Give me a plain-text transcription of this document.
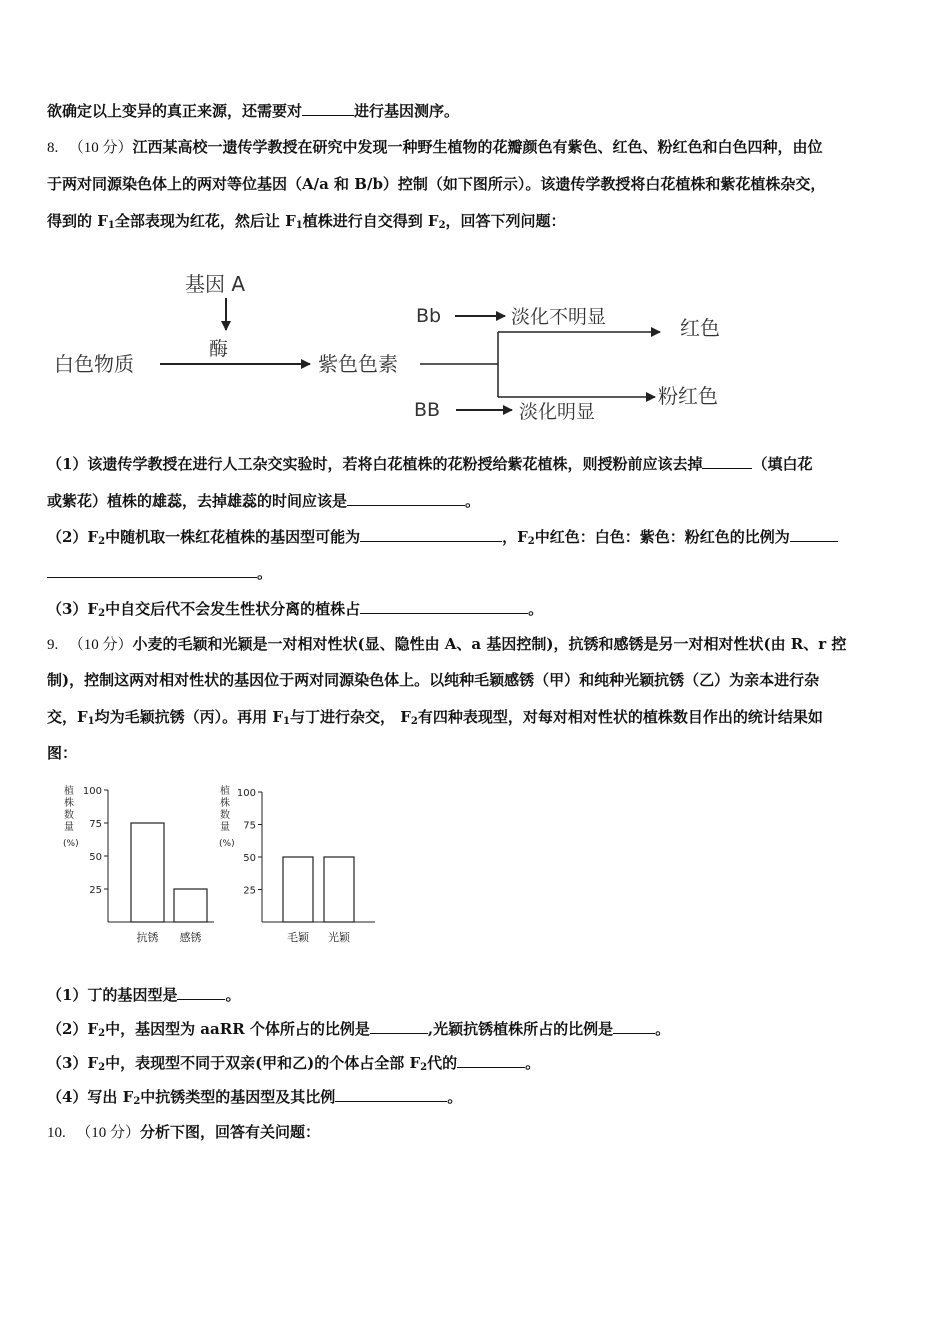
欲确定以上变异的真正来源，还需要对	进行基因测序。
8. （10 分）江西某高校一遗传学教授在研究中发现一种野生植物的花瓣颜色有紫色、红色、粉红色和白色四种，由位
于两对同源染色体上的两对等位基因（A/a 和 B/b）控制（如下图所示）。该遗传学教授将白花植株和紫花植株杂交，
得到的 $F_1$全部表现为红花，然后让 $F_1$植株进行自交得到 $F_2$，回答下列问题：
基因 A
酶
白色物质	紫色色素
淡化不明显
淡化明显
Bb
BB
红色
粉红色
（1）该遗传学教授在进行人工杂交实验时，若将白花植株的花粉授给紫花植株，则授粉前应该去掉	（填白花
或紫花）植株的雄蕊，去掉雄蕊的时间应该是	。
$(2)F_2$中随机取一株红花植株的基因型可能为	，$F_2$中红色：白色：紫色：粉红色的比例为
。
$(3)F_2$中自交后代不会发生性状分离的植株占	。
9. （10 分）小麦的毛颖和光颖是一对相对性状(显、隐性由 A、a 基因控制)，抗锈和感锈是另一对相对性状(由 R、r 控
制)，控制这两对相对性状的基因位于两对同源染色体上。以纯种毛颖感锈（甲）和纯种光颖抗锈（乙）为亲本进行杂
交，$F_1$均为毛颖抗锈（丙）。再用 $F_1$与丁进行杂交， $F_2$有四种表现型，对每对相对性状的植株数目作出的统计结果如
图：
植
株
数
量
(%)
100
75
50
25
抗锈 感锈
植
株
数
量
(%)
100
75
50
25
毛颖 光颖
（1）丁的基因型是	。
$(2)F_2$中，基因型为 aaRR 个体所占的比例是	,光颖抗锈植株所占的比例是	。
$(3)F_2$中，表现型不同于双亲(甲和乙)的个体占全部 $F_2$代的	。
（4）写出 $F_2$中抗锈类型的基因型及其比例	。
10. （10 分）分析下图，回答有关问题：
